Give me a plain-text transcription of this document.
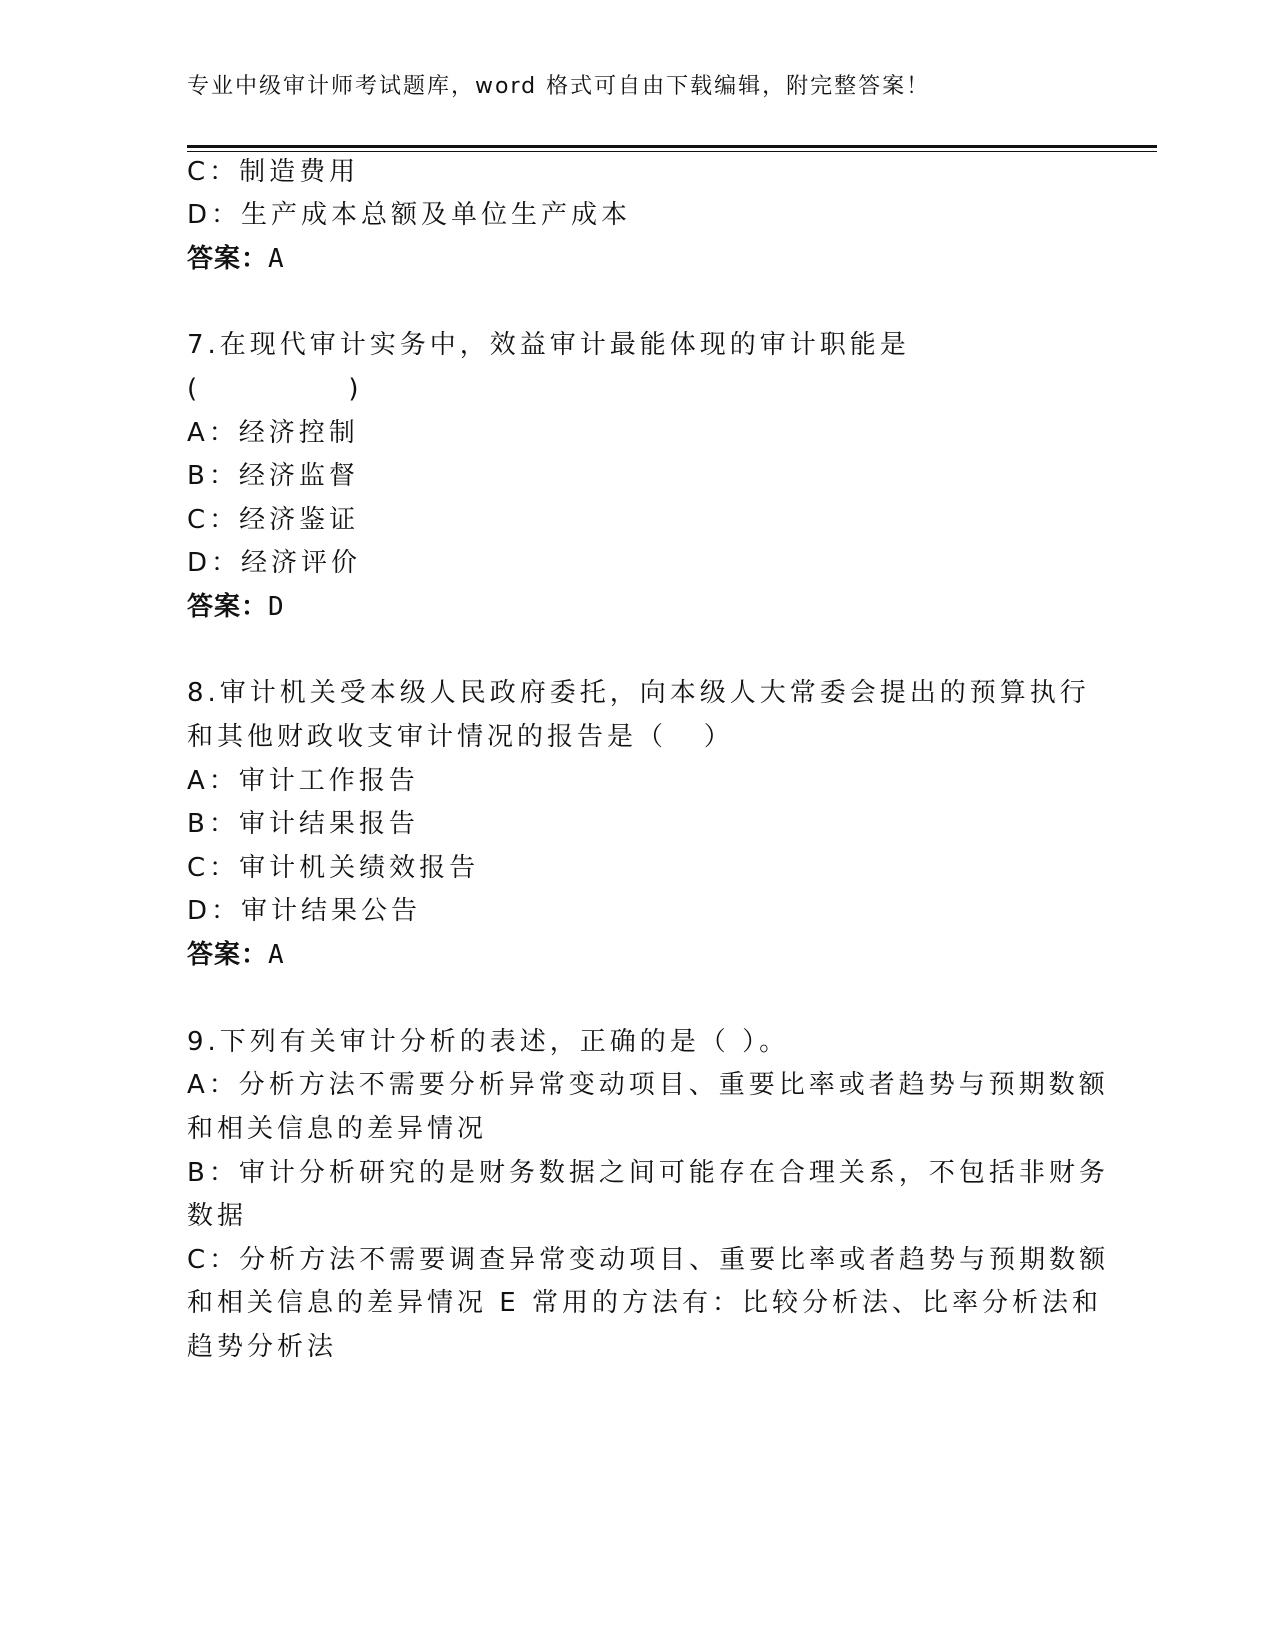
专业中级审计师考试题库，word 格式可自由下载编辑，附完整答案！
C：制造费用
D：生产成本总额及单位生产成本
答案：A
7.在现代审计实务中，效益审计最能体现的审计职能是
(            )
A：经济控制
B：经济监督
C：经济鉴证
D：经济评价
答案：D
8.审计机关受本级人民政府委托，向本级人大常委会提出的预算执行
和其他财政收支审计情况的报告是（   ）
A：审计工作报告
B：审计结果报告
C：审计机关绩效报告
D：审计结果公告
答案：A
9.下列有关审计分析的表述，正确的是（ ）。
A：分析方法不需要分析异常变动项目、重要比率或者趋势与预期数额
和相关信息的差异情况
B：审计分析研究的是财务数据之间可能存在合理关系，不包括非财务
数据
C：分析方法不需要调查异常变动项目、重要比率或者趋势与预期数额
和相关信息的差异情况 E 常用的方法有：比较分析法、比率分析法和
趋势分析法
